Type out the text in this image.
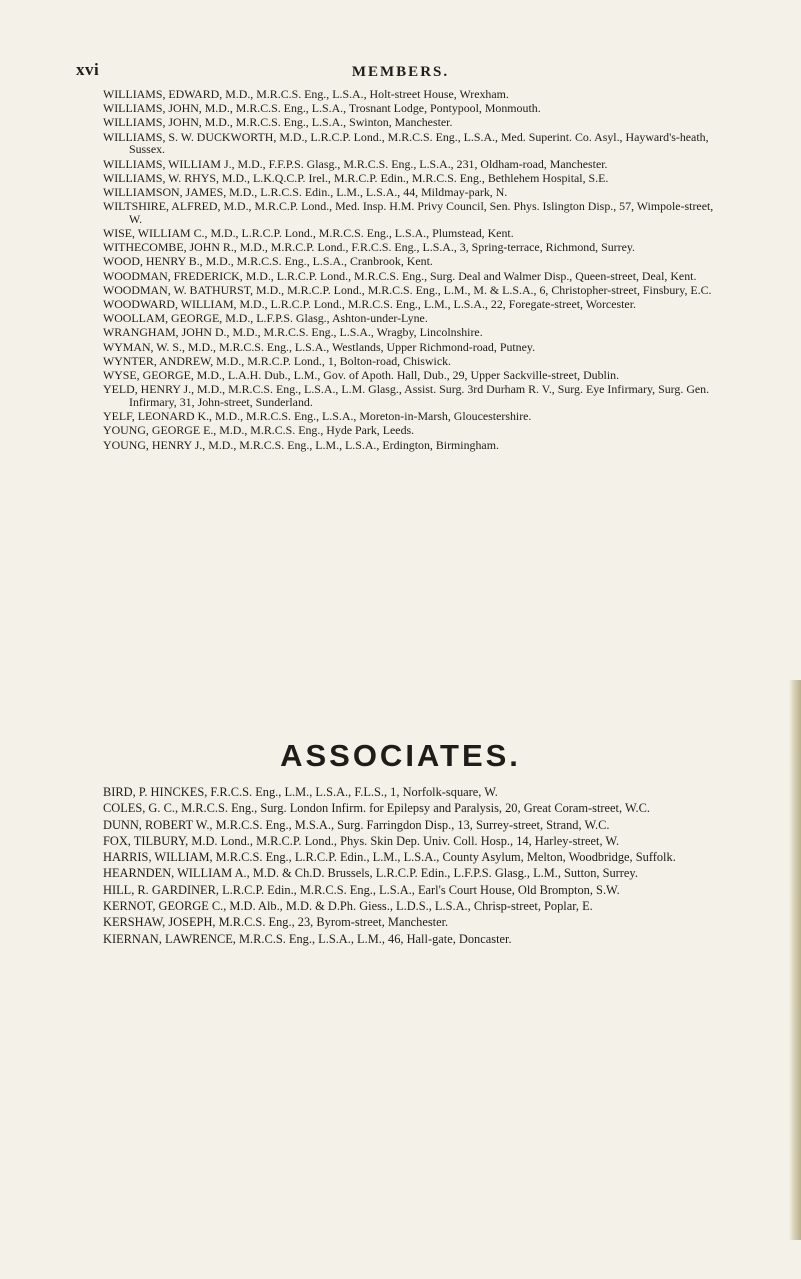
xvi	MEMBERS.

WILLIAMS, EDWARD, M.D., M.R.C.S. Eng., L.S.A., Holt-street House, Wrexham.

WILLIAMS, JOHN, M.D., M.R.C.S. Eng., L.S.A., Trosnant Lodge, Pontypool, Monmouth.

WILLIAMS, JOHN, M.D., M.R.C.S. Eng., L.S.A., Swinton, Manchester.

WILLIAMS, S. W. DUCKWORTH, M.D., L.R.C.P. Lond., M.R.C.S. Eng., L.S.A., Med. Superint. Co. Asyl., Hayward's-heath, Sussex.

WILLIAMS, WILLIAM J., M.D., F.F.P.S. Glasg., M.R.C.S. Eng., L.S.A., 231, Oldham-road, Manchester.

WILLIAMS, W. RHYS, M.D., L.K.Q.C.P. Irel., M.R.C.P. Edin., M.R.C.S. Eng., Bethlehem Hospital, S.E.

WILLIAMSON, JAMES, M.D., L.R.C.S. Edin., L.M., L.S.A., 44, Mildmay-park, N.

WILTSHIRE, ALFRED, M.D., M.R.C.P. Lond., Med. Insp. H.M. Privy Council, Sen. Phys. Islington Disp., 57, Wimpole-street, W.

WISE, WILLIAM C., M.D., L.R.C.P. Lond., M.R.C.S. Eng., L.S.A., Plumstead, Kent.

WITHECOMBE, JOHN R., M.D., M.R.C.P. Lond., F.R.C.S. Eng., L.S.A., 3, Spring-terrace, Richmond, Surrey.

WOOD, HENRY B., M.D., M.R.C.S. Eng., L.S.A., Cranbrook, Kent.

WOODMAN, FREDERICK, M.D., L.R.C.P. Lond., M.R.C.S. Eng., Surg. Deal and Walmer Disp., Queen-street, Deal, Kent.

WOODMAN, W. BATHURST, M.D., M.R.C.P. Lond., M.R.C.S. Eng., L.M., M. & L.S.A., 6, Christopher-street, Finsbury, E.C.

WOODWARD, WILLIAM, M.D., L.R.C.P. Lond., M.R.C.S. Eng., L.M., L.S.A., 22, Foregate-street, Worcester.

WOOLLAM, GEORGE, M.D., L.F.P.S. Glasg., Ashton-under-Lyne.

WRANGHAM, JOHN D., M.D., M.R.C.S. Eng., L.S.A., Wragby, Lincolnshire.

WYMAN, W. S., M.D., M.R.C.S. Eng., L.S.A., Westlands, Upper Richmond-road, Putney.

WYNTER, ANDREW, M.D., M.R.C.P. Lond., 1, Bolton-road, Chiswick.

WYSE, GEORGE, M.D., L.A.H. Dub., L.M., Gov. of Apoth. Hall, Dub., 29, Upper Sackville-street, Dublin.

YELD, HENRY J., M.D., M.R.C.S. Eng., L.S.A., L.M. Glasg., Assist. Surg. 3rd Durham R. V., Surg. Eye Infirmary, Surg. Gen. Infirmary, 31, John-street, Sunderland.

YELF, LEONARD K., M.D., M.R.C.S. Eng., L.S.A., Moreton-in-Marsh, Gloucestershire.

YOUNG, GEORGE E., M.D., M.R.C.S. Eng., Hyde Park, Leeds.

YOUNG, HENRY J., M.D., M.R.C.S. Eng., L.M., L.S.A., Erdington, Birmingham.

ASSOCIATES.

BIRD, P. HINCKES, F.R.C.S. Eng., L.M., L.S.A., F.L.S., 1, Norfolk-square, W.

COLES, G. C., M.R.C.S. Eng., Surg. London Infirm. for Epilepsy and Paralysis, 20, Great Coram-street, W.C.

DUNN, ROBERT W., M.R.C.S. Eng., M.S.A., Surg. Farringdon Disp., 13, Surrey-street, Strand, W.C.

FOX, TILBURY, M.D. Lond., M.R.C.P. Lond., Phys. Skin Dep. Univ. Coll. Hosp., 14, Harley-street, W.

HARRIS, WILLIAM, M.R.C.S. Eng., L.R.C.P. Edin., L.M., L.S.A., County Asylum, Melton, Woodbridge, Suffolk.

HEARNDEN, WILLIAM A., M.D. & Ch.D. Brussels, L.R.C.P. Edin., L.F.P.S. Glasg., L.M., Sutton, Surrey.

HILL, R. GARDINER, L.R.C.P. Edin., M.R.C.S. Eng., L.S.A., Earl's Court House, Old Brompton, S.W.

KERNOT, GEORGE C., M.D. Alb., M.D. & D.Ph. Giess., L.D.S., L.S.A., Chrisp-street, Poplar, E.

KERSHAW, JOSEPH, M.R.C.S. Eng., 23, Byrom-street, Manchester.

KIERNAN, LAWRENCE, M.R.C.S. Eng., L.S.A., L.M., 46, Hall-gate, Doncaster.
